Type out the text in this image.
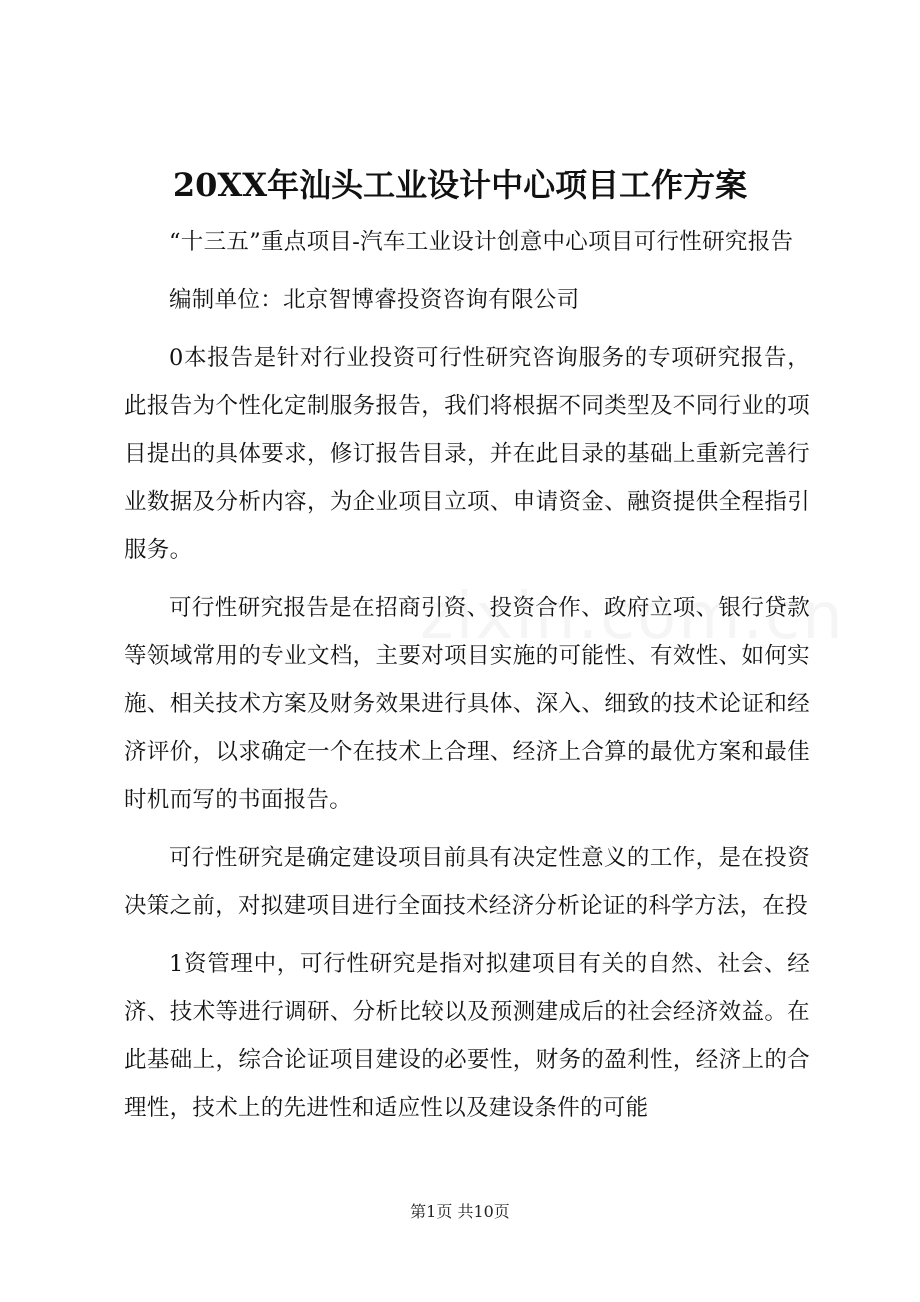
20XX年汕头工业设计中心项目工作方案

“十三五”重点项目-汽车工业设计创意中心项目可行性研究报告

编制单位：北京智博睿投资咨询有限公司

0本报告是针对行业投资可行性研究咨询服务的专项研究报告，此报告为个性化定制服务报告，我们将根据不同类型及不同行业的项目提出的具体要求，修订报告目录，并在此目录的基础上重新完善行业数据及分析内容，为企业项目立项、申请资金、融资提供全程指引服务。

可行性研究报告是在招商引资、投资合作、政府立项、银行贷款等领域常用的专业文档，主要对项目实施的可能性、有效性、如何实施、相关技术方案及财务效果进行具体、深入、细致的技术论证和经济评价，以求确定一个在技术上合理、经济上合算的最优方案和最佳时机而写的书面报告。

可行性研究是确定建设项目前具有决定性意义的工作，是在投资决策之前，对拟建项目进行全面技术经济分析论证的科学方法，在投

1资管理中，可行性研究是指对拟建项目有关的自然、社会、经济、技术等进行调研、分析比较以及预测建成后的社会经济效益。在此基础上，综合论证项目建设的必要性，财务的盈利性，经济上的合理性，技术上的先进性和适应性以及建设条件的可能

第1页 共10页
